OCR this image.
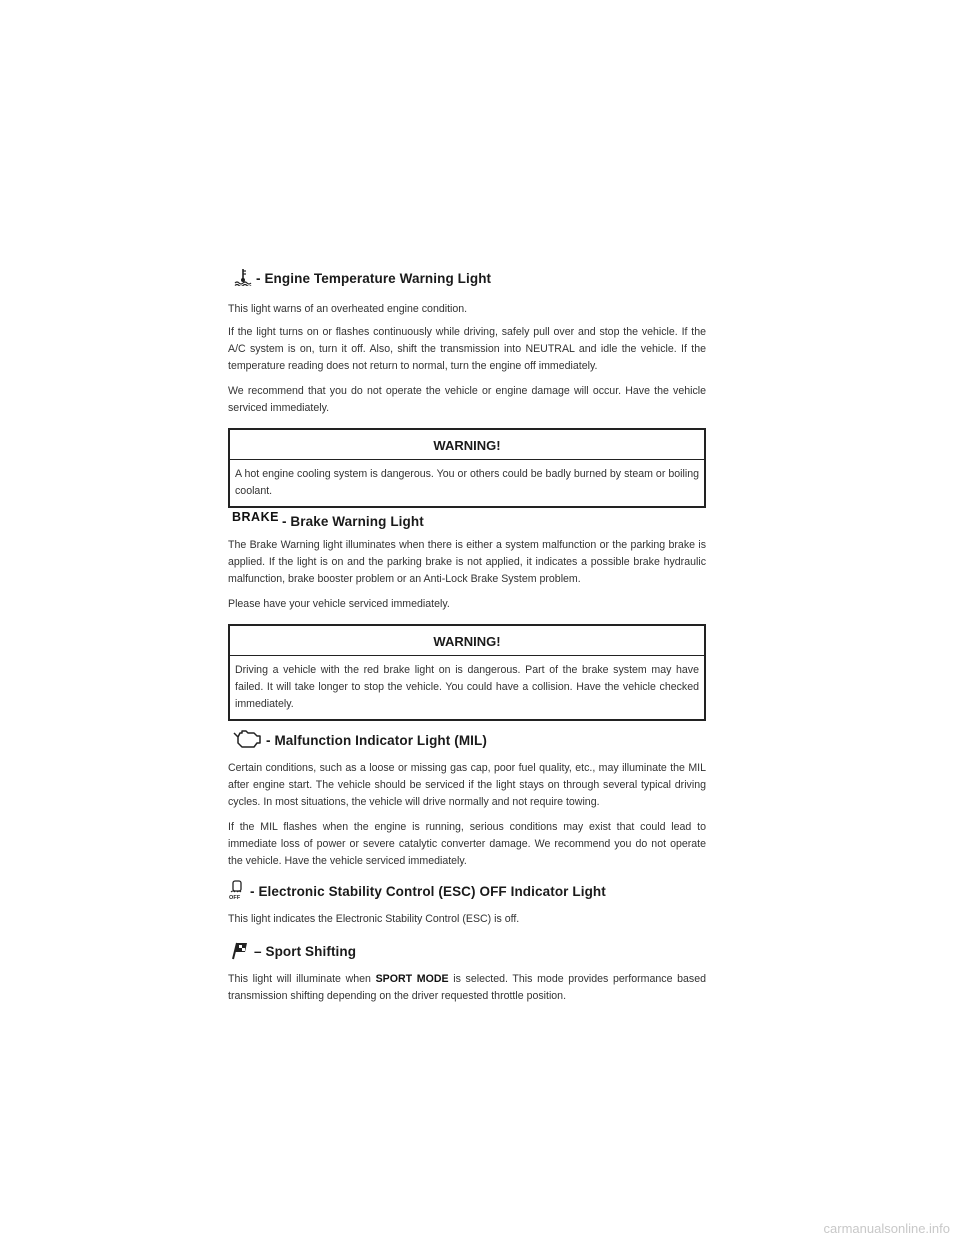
- Engine Temperature Warning Light

This light warns of an overheated engine condition.

If the light turns on or flashes continuously while driving, safely pull over and stop the vehicle. If the A/C system is on, turn it off. Also, shift the transmission into NEUTRAL and idle the vehicle. If the temperature reading does not return to normal, turn the engine off immediately.

We recommend that you do not operate the vehicle or engine damage will occur. Have the vehicle serviced immediately.

WARNING!
A hot engine cooling system is dangerous. You or others could be badly burned by steam or boiling coolant.
BRAKE - Brake Warning Light

The Brake Warning light illuminates when there is either a system malfunction or the parking brake is applied. If the light is on and the parking brake is not applied, it indicates a possible brake hydraulic malfunction, brake booster problem or an Anti-Lock Brake System problem.

Please have your vehicle serviced immediately.

WARNING!
Driving a vehicle with the red brake light on is dangerous. Part of the brake system may have failed. It will take longer to stop the vehicle. You could have a collision. Have the vehicle checked immediately.
- Malfunction Indicator Light (MIL)

Certain conditions, such as a loose or missing gas cap, poor fuel quality, etc., may illuminate the MIL after engine start. The vehicle should be serviced if the light stays on through several typical driving cycles. In most situations, the vehicle will drive normally and not require towing.

If the MIL flashes when the engine is running, serious conditions may exist that could lead to immediate loss of power or severe catalytic converter damage. We recommend you do not operate the vehicle. Have the vehicle serviced immediately.

OFF - Electronic Stability Control (ESC) OFF Indicator Light

This light indicates the Electronic Stability Control (ESC) is off.

– Sport Shifting

This light will illuminate when SPORT MODE is selected. This mode provides performance based transmission shifting depending on the driver requested throttle position.

carmanualsonline.info
